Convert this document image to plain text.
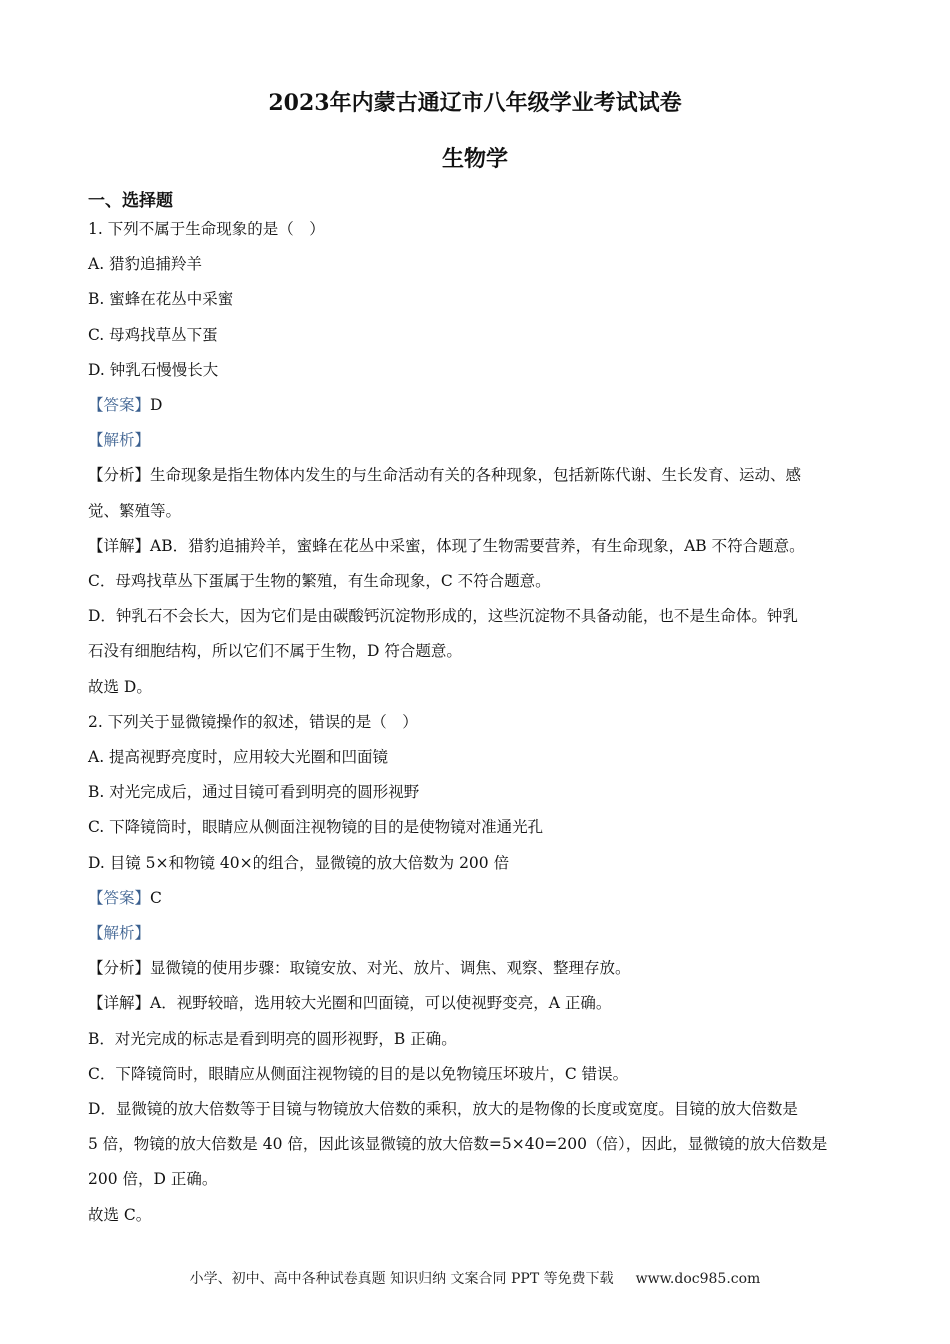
2023年内蒙古通辽市八年级学业考试试卷
生物学
一、选择题

1. 下列不属于生命现象的是（　）

A. 猎豹追捕羚羊

B. 蜜蜂在花丛中采蜜

C. 母鸡找草丛下蛋

D. 钟乳石慢慢长大

【答案】D

【解析】

【分析】生命现象是指生物体内发生的与生命活动有关的各种现象，包括新陈代谢、生长发育、运动、感

觉、繁殖等。

【详解】AB．猎豹追捕羚羊，蜜蜂在花丛中采蜜，体现了生物需要营养，有生命现象，AB 不符合题意。

C．母鸡找草丛下蛋属于生物的繁殖，有生命现象，C 不符合题意。

D．钟乳石不会长大，因为它们是由碳酸钙沉淀物形成的，这些沉淀物不具备动能，也不是生命体。钟乳

石没有细胞结构，所以它们不属于生物，D 符合题意。

故选 D。

2. 下列关于显微镜操作的叙述，错误的是（　）

A. 提高视野亮度时，应用较大光圈和凹面镜

B. 对光完成后，通过目镜可看到明亮的圆形视野

C. 下降镜筒时，眼睛应从侧面注视物镜的目的是使物镜对准通光孔

D. 目镜 5×和物镜 40×的组合，显微镜的放大倍数为 200 倍

【答案】C

【解析】

【分析】显微镜的使用步骤：取镜安放、对光、放片、调焦、观察、整理存放。

【详解】A．视野较暗，选用较大光圈和凹面镜，可以使视野变亮，A 正确。

B．对光完成的标志是看到明亮的圆形视野，B 正确。

C．下降镜筒时，眼睛应从侧面注视物镜的目的是以免物镜压坏玻片，C 错误。

D．显微镜的放大倍数等于目镜与物镜放大倍数的乘积，放大的是物像的长度或宽度。目镜的放大倍数是

5 倍，物镜的放大倍数是 40 倍，因此该显微镜的放大倍数=5×40=200（倍），因此，显微镜的放大倍数是

200 倍，D 正确。

故选 C。

小学、初中、高中各种试卷真题 知识归纳 文案合同 PPT 等免费下载 www.doc985.com
